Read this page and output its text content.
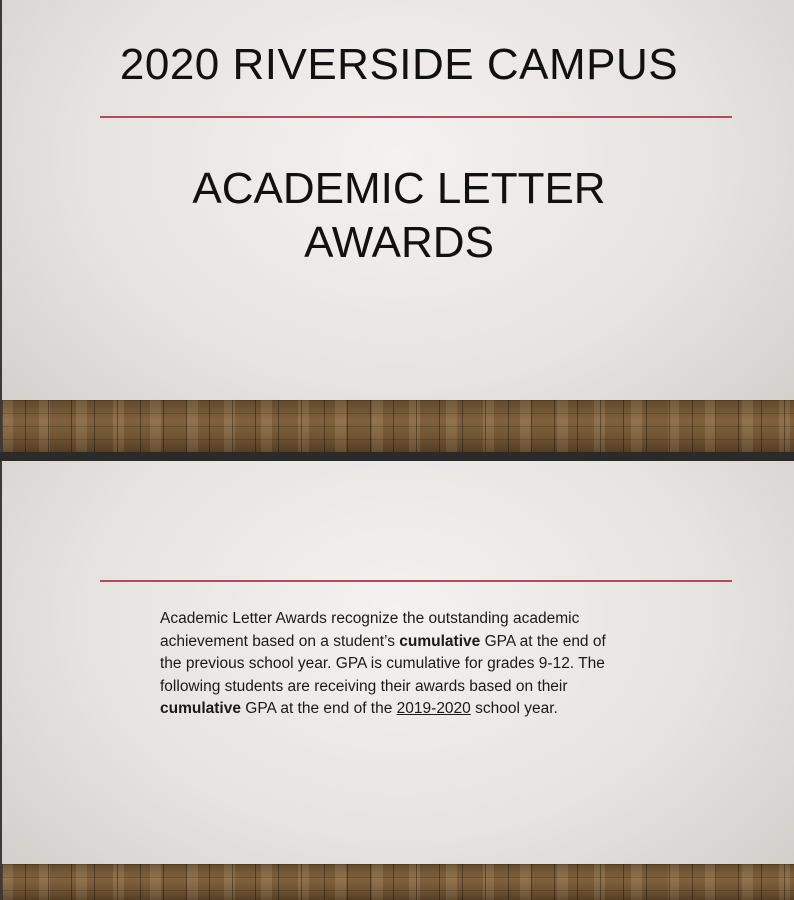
2020 RIVERSIDE CAMPUS
ACADEMIC LETTER
AWARDS

Academic Letter Awards recognize the outstanding academic achievement based on a student’s cumulative GPA at the end of the previous school year. GPA is cumulative for grades 9-12. The following students are receiving their awards based on their cumulative GPA at the end of the 2019-2020 school year.
